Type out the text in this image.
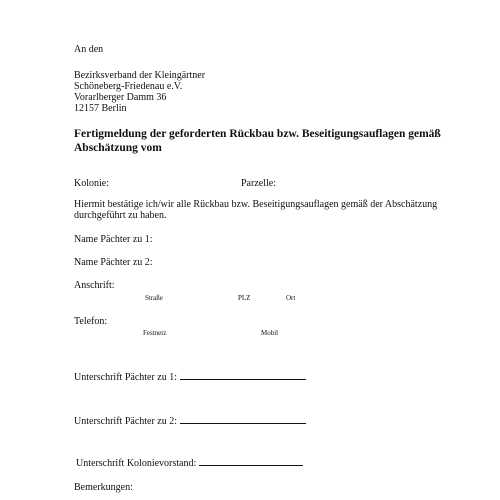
An den
Bezirksverband der Kleingärtner
Schöneberg-Friedenau e.V.
Vorarlberger Damm 36
12157 Berlin
Fertigmeldung der geforderten Rückbau bzw. Beseitigungsauflagen gemäß Abschätzung vom
Kolonie:	Parzelle:
Hiermit bestätige ich/wir alle Rückbau bzw. Beseitigungsauflagen gemäß der Abschätzung durchgeführt zu haben.
Name Pächter zu 1:
Name Pächter zu 2:
Anschrift:
Straße	PLZ	Ort
Telefon:
Festnetz	Mobil
Unterschrift Pächter zu 1:
Unterschrift Pächter zu 2:
Unterschrift Kolonievorstand:
Bemerkungen:
